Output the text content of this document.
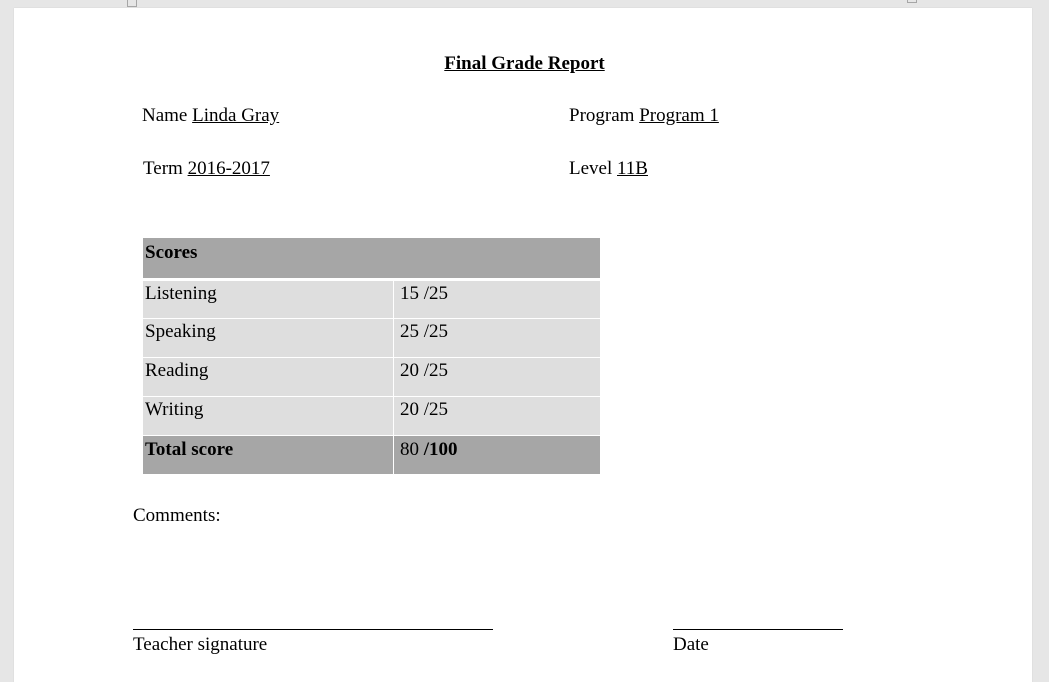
Final Grade Report
Name Linda Gray	Program Program 1
Term 2016-2017	Level 11B
Scores	
Listening	15 /25
Speaking	25 /25
Reading	20 /25
Writing	20 /25
Total score	80 /100
Comments:
Teacher signature	Date
